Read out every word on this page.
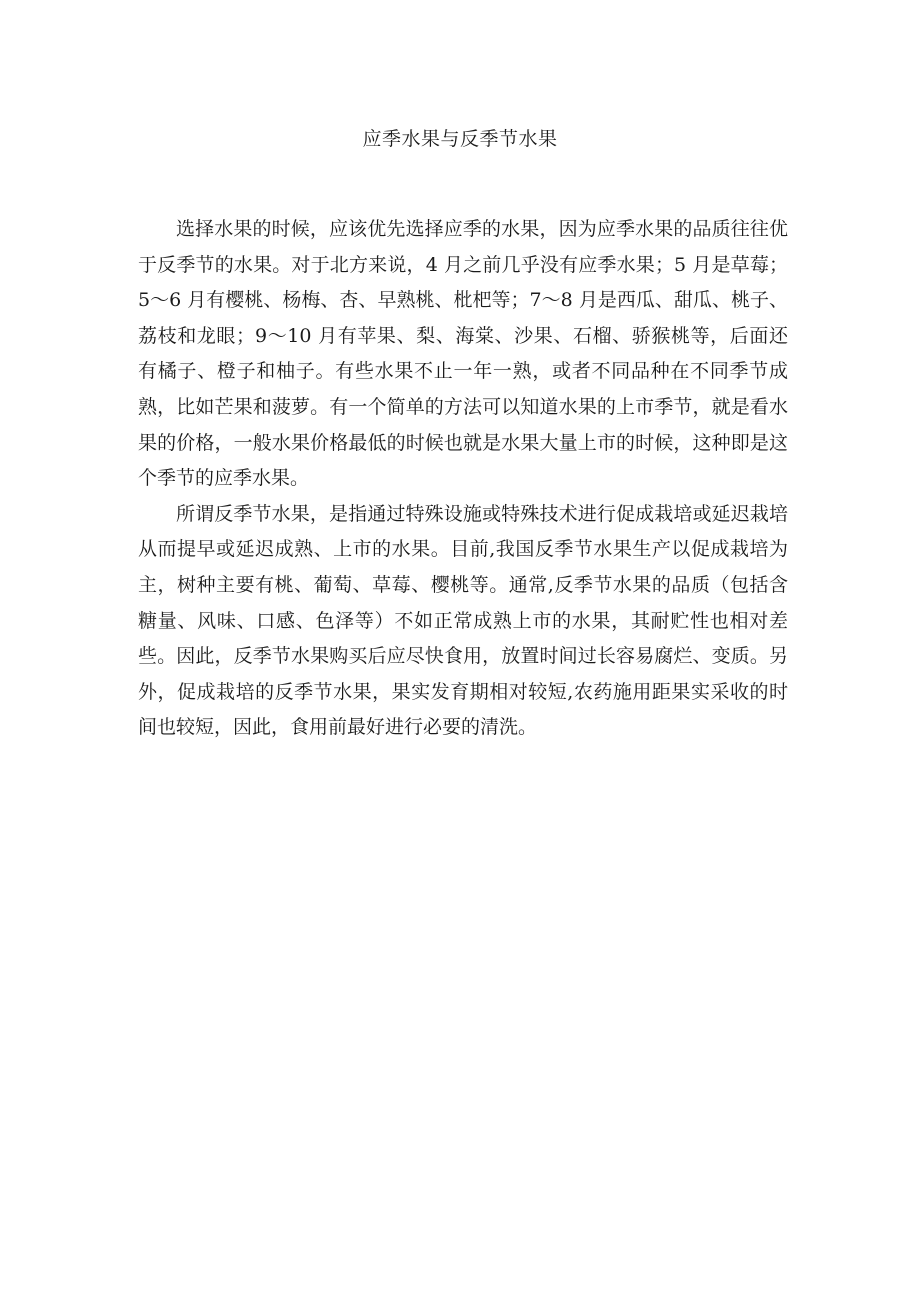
应季水果与反季节水果

选择水果的时候，应该优先选择应季的水果，因为应季水果的品质往往优于反季节的水果。对于北方来说，4 月之前几乎没有应季水果；5 月是草莓；5～6 月有樱桃、杨梅、杏、早熟桃、枇杷等；7～8 月是西瓜、甜瓜、桃子、荔枝和龙眼；9～10 月有苹果、梨、海棠、沙果、石榴、骄猴桃等，后面还有橘子、橙子和柚子。有些水果不止一年一熟，或者不同品种在不同季节成熟，比如芒果和菠萝。有一个简单的方法可以知道水果的上市季节，就是看水果的价格，一般水果价格最低的时候也就是水果大量上市的时候，这种即是这个季节的应季水果。

所谓反季节水果，是指通过特殊设施或特殊技术进行促成栽培或延迟栽培从而提早或延迟成熟、上市的水果。目前,我国反季节水果生产以促成栽培为主，树种主要有桃、葡萄、草莓、樱桃等。通常,反季节水果的品质（包括含糖量、风味、口感、色泽等）不如正常成熟上市的水果，其耐贮性也相对差些。因此，反季节水果购买后应尽快食用，放置时间过长容易腐烂、变质。另外，促成栽培的反季节水果，果实发育期相对较短,农药施用距果实采收的时间也较短，因此，食用前最好进行必要的清洗。
